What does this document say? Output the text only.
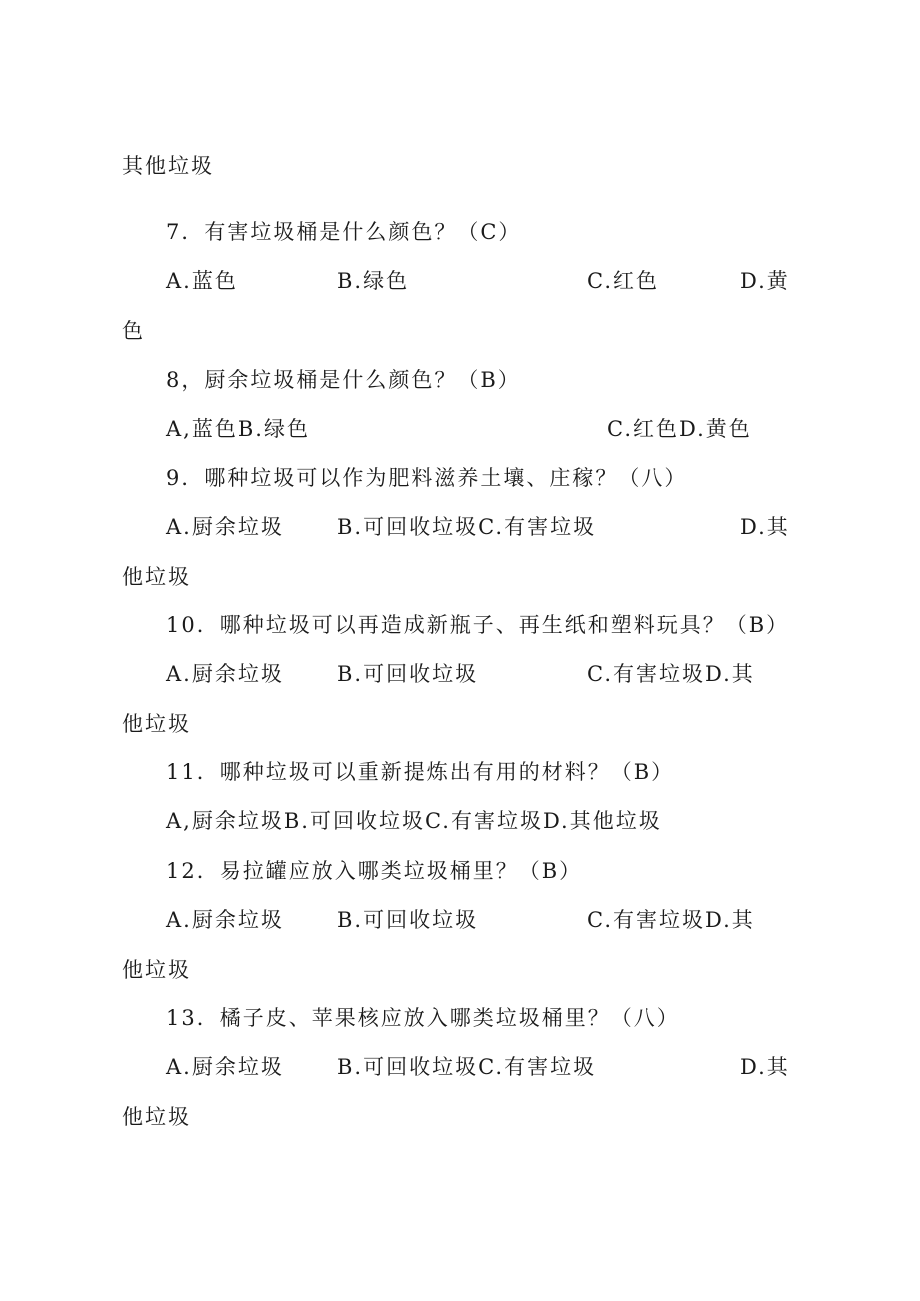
其他垃圾
7．有害垃圾桶是什么颜色？（C）
A.蓝色	B.绿色	C.红色	D.黄
色
8，厨余垃圾桶是什么颜色？（B）
A,蓝色B.绿色	C.红色D.黄色
9．哪种垃圾可以作为肥料滋养土壤、庄稼？（八）
A.厨余垃圾	B.可回收垃圾C.有害垃圾	D.其
他垃圾
10．哪种垃圾可以再造成新瓶子、再生纸和塑料玩具？（B）
A.厨余垃圾	B.可回收垃圾	C.有害垃圾D.其
他垃圾
11．哪种垃圾可以重新提炼出有用的材料？（B）
A,厨余垃圾B.可回收垃圾C.有害垃圾D.其他垃圾
12．易拉罐应放入哪类垃圾桶里？（B）
A.厨余垃圾	B.可回收垃圾	C.有害垃圾D.其
他垃圾
13．橘子皮、苹果核应放入哪类垃圾桶里？（八）
A.厨余垃圾	B.可回收垃圾C.有害垃圾	D.其
他垃圾
